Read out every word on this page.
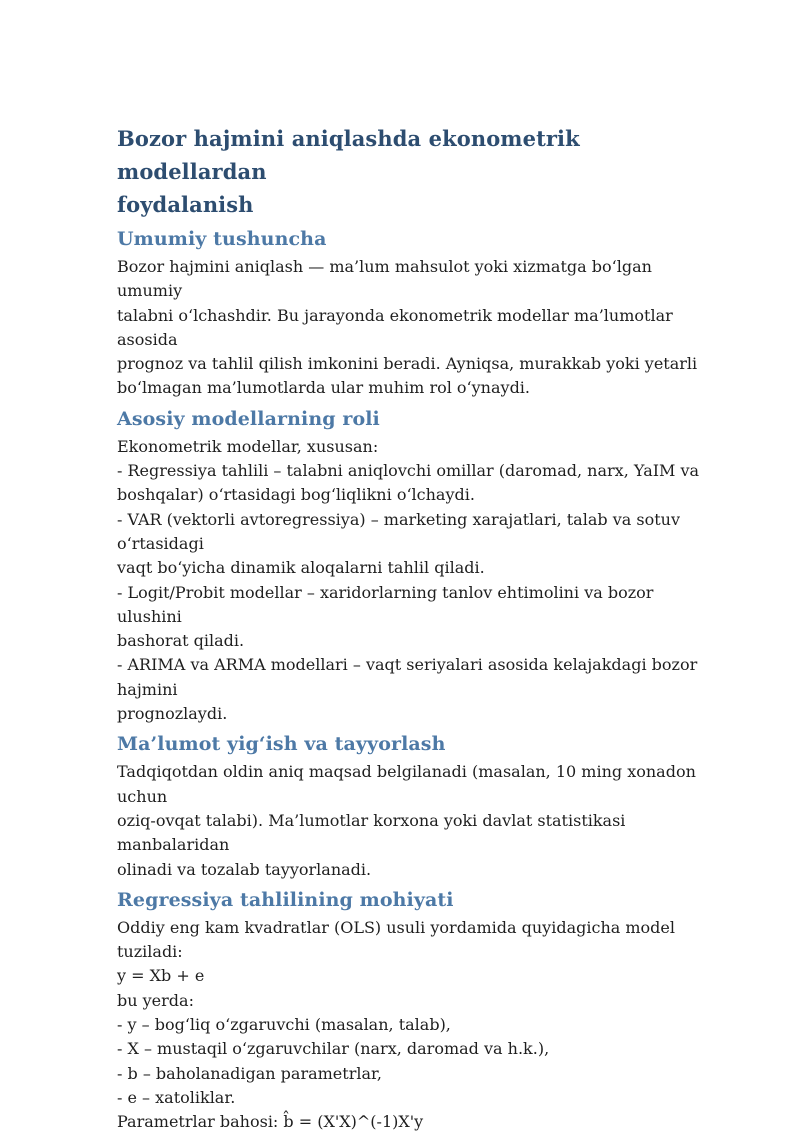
Bozor hajmini aniqlashda ekonometrik modellardan
foydalanish
Umumiy tushuncha
Bozor hajmini aniqlash — ma’lum mahsulot yoki xizmatga boʻlgan umumiy
talabni oʻlchashdir. Bu jarayonda ekonometrik modellar ma’lumotlar asosida
prognoz va tahlil qilish imkonini beradi. Ayniqsa, murakkab yoki yetarli
boʻlmagan ma’lumotlarda ular muhim rol oʻynaydi.
Asosiy modellarning roli
Ekonometrik modellar, xususan:
- Regressiya tahlili – talabni aniqlovchi omillar (daromad, narx, YaIM va
boshqalar) oʻrtasidagi bogʻliqlikni oʻlchaydi.
- VAR (vektorli avtoregressiya) – marketing xarajatlari, talab va sotuv oʻrtasidagi
vaqt boʻyicha dinamik aloqalarni tahlil qiladi.
- Logit/Probit modellar – xaridorlarning tanlov ehtimolini va bozor ulushini
bashorat qiladi.
- ARIMA va ARMA modellari – vaqt seriyalari asosida kelajakdagi bozor hajmini
prognozlaydi.
Ma’lumot yigʻish va tayyorlash
Tadqiqotdan oldin aniq maqsad belgilanadi (masalan, 10 ming xonadon uchun
oziq-ovqat talabi). Ma’lumotlar korxona yoki davlat statistikasi manbalaridan
olinadi va tozalab tayyorlanadi.
Regressiya tahlilining mohiyati
Oddiy eng kam kvadratlar (OLS) usuli yordamida quyidagicha model tuziladi:
y = Xb + e
bu yerda:
- y – bogʻliq oʻzgaruvchi (masalan, talab),
- X – mustaqil oʻzgaruvchilar (narx, daromad va h.k.),
- b – baholanadigan parametrlar,
- e – xatoliklar.
Parametrlar bahosi: b̂ = (X'X)^(-1)X'y
